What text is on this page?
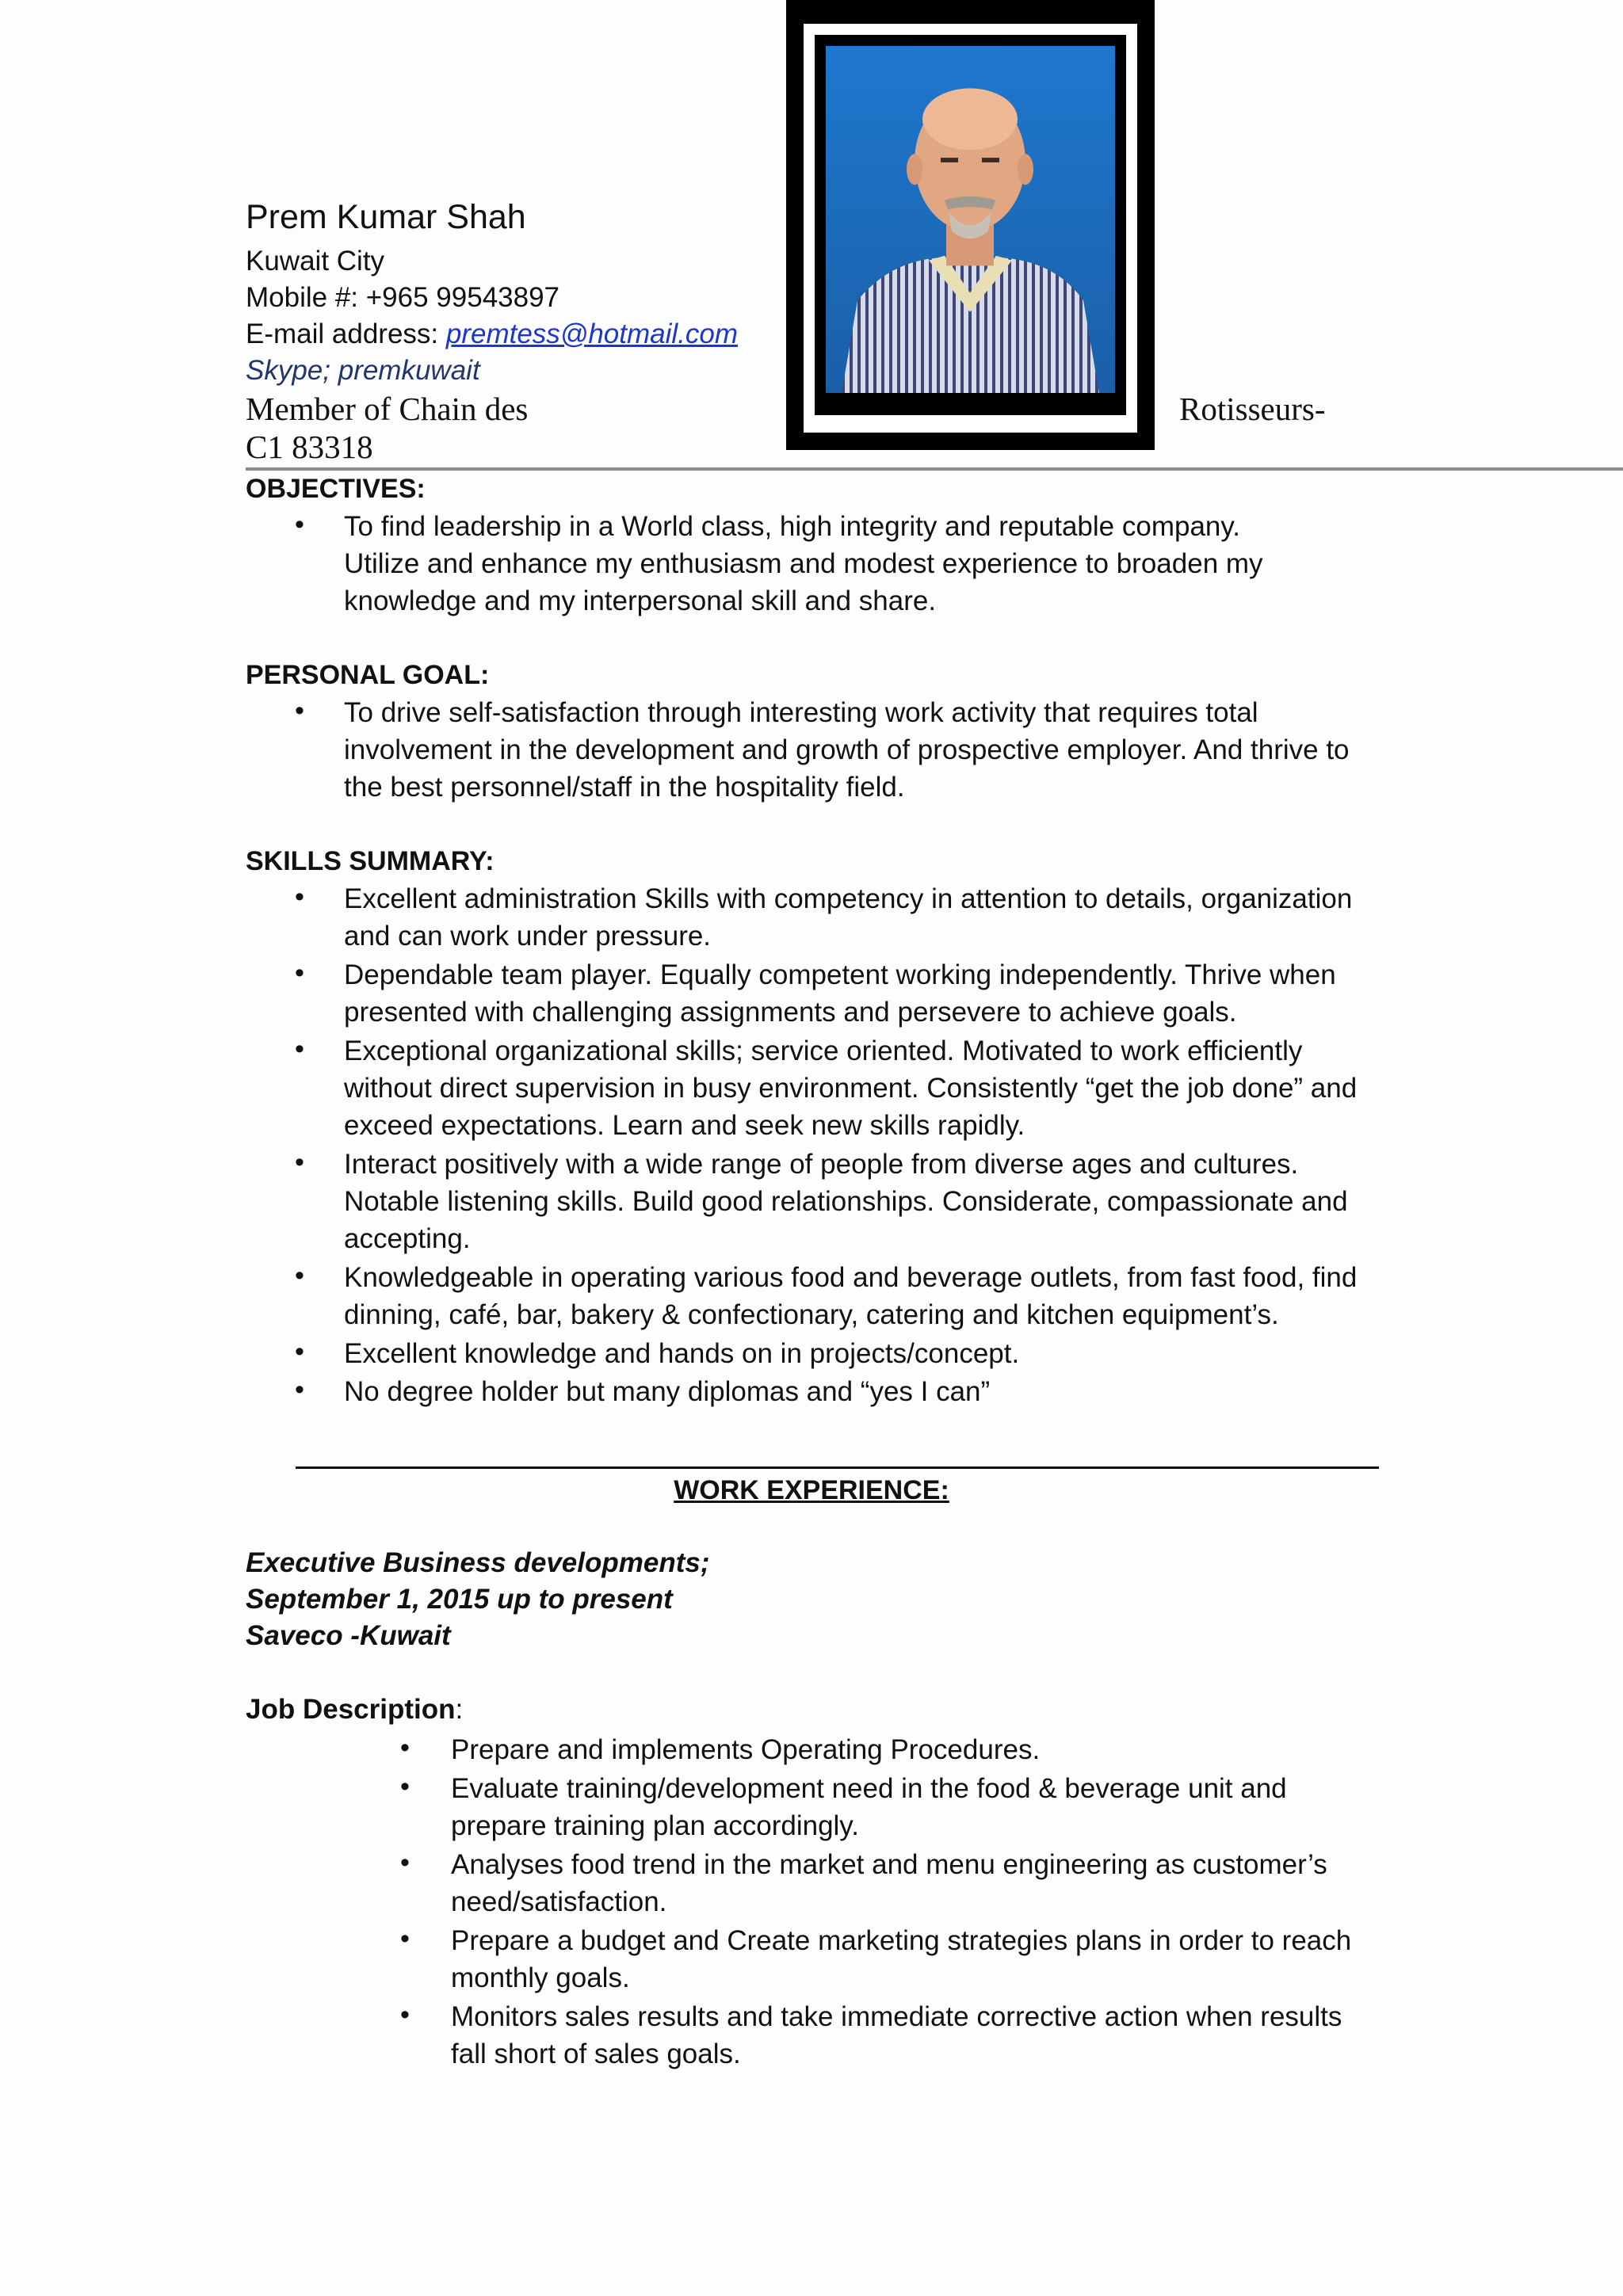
Prem Kumar Shah
Kuwait City
Mobile #: +965 99543897
E-mail address: premtess@hotmail.com
Skype; premkuwait
Member of Chain des	Rotisseurs-
C1 83318
OBJECTIVES:
• To find leadership in a World class, high integrity and reputable company.
Utilize and enhance my enthusiasm and modest experience to broaden my
knowledge and my interpersonal skill and share.
PERSONAL GOAL:
• To drive self-satisfaction through interesting work activity that requires total
involvement in the development and growth of prospective employer. And thrive to
the best personnel/staff in the hospitality field.
SKILLS SUMMARY:
• Excellent administration Skills with competency in attention to details, organization
and can work under pressure.
• Dependable team player. Equally competent working independently. Thrive when
presented with challenging assignments and persevere to achieve goals.
• Exceptional organizational skills; service oriented. Motivated to work efficiently
without direct supervision in busy environment. Consistently “get the job done” and
exceed expectations. Learn and seek new skills rapidly.
• Interact positively with a wide range of people from diverse ages and cultures.
Notable listening skills. Build good relationships. Considerate, compassionate and
accepting.
• Knowledgeable in operating various food and beverage outlets, from fast food, find
dinning, café, bar, bakery & confectionary, catering and kitchen equipment’s.
• Excellent knowledge and hands on in projects/concept.
• No degree holder but many diplomas and “yes I can”
WORK EXPERIENCE:
Executive Business developments;
September 1, 2015 up to present
Saveco -Kuwait
Job Description:
• Prepare and implements Operating Procedures.
• Evaluate training/development need in the food & beverage unit and
prepare training plan accordingly.
• Analyses food trend in the market and menu engineering as customer’s
need/satisfaction.
• Prepare a budget and Create marketing strategies plans in order to reach
monthly goals.
• Monitors sales results and take immediate corrective action when results
fall short of sales goals.
